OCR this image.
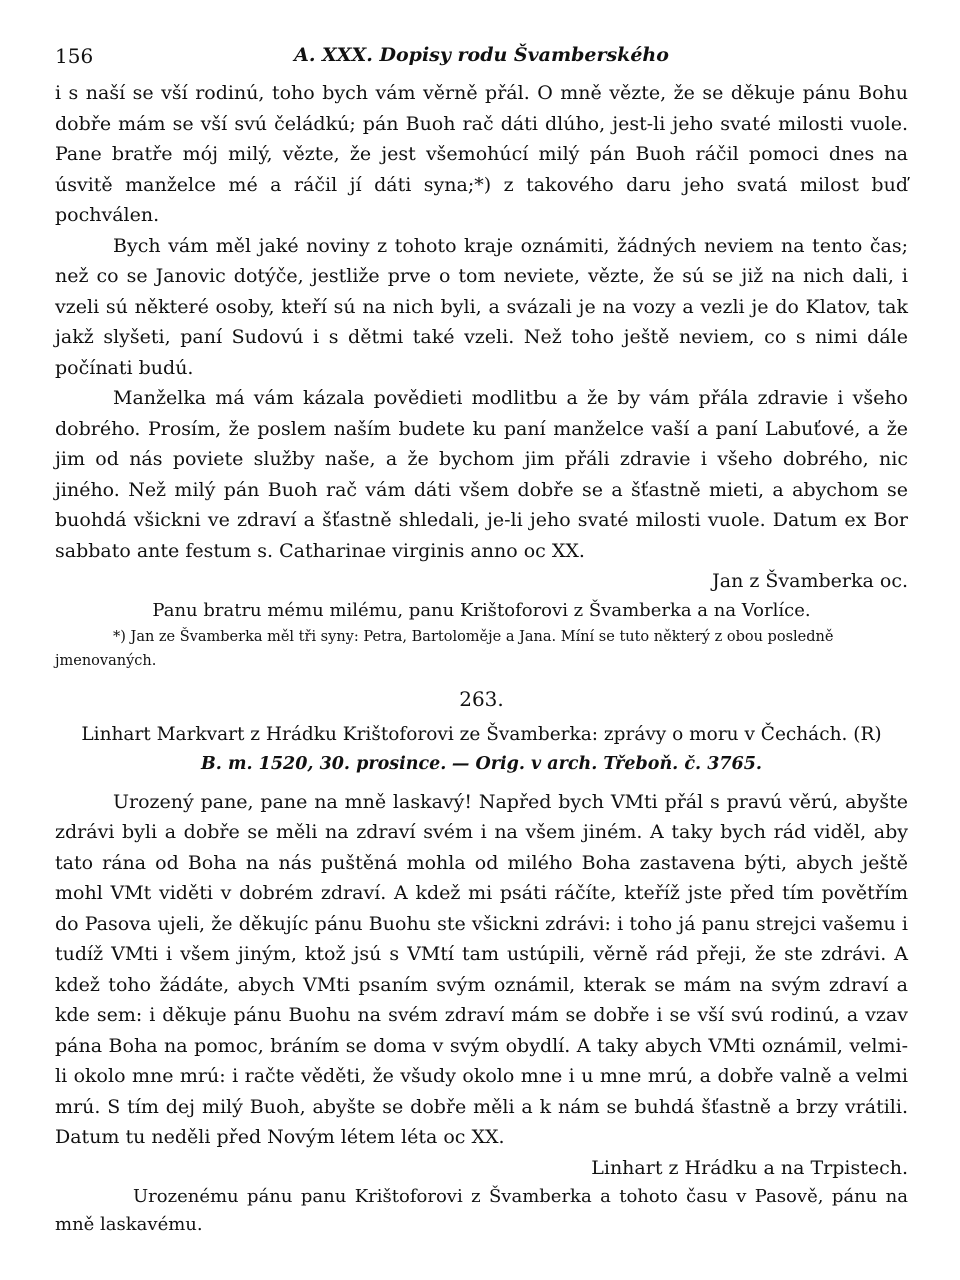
156	A. XXX. Dopisy rodu Švamberského

i s naší se vší rodinú, toho bych vám věrně přál. O mně vězte, že se děkuje pánu Bohu dobře mám se vší svú čeládkú; pán Buoh rač dáti dlúho, jest-li jeho svaté milosti vuole. Pane bratře mój milý, vězte, že jest všemohúcí milý pán Buoh ráčil pomoci dnes na úsvitě manželce mé a ráčil jí dáti syna;*) z takového daru jeho svatá milost buď pochválen.

Bych vám měl jaké noviny z tohoto kraje oznámiti, žádných neviem na tento čas; než co se Janovic dotýče, jestliže prve o tom neviete, vězte, že sú se již na nich dali, i vzeli sú některé osoby, kteří sú na nich byli, a svázali je na vozy a vezli je do Klatov, tak jakž slyšeti, paní Sudovú i s dětmi také vzeli. Než toho ještě neviem, co s nimi dále počínati budú.

Manželka má vám kázala povědieti modlitbu a že by vám přála zdravie i všeho dobrého. Prosím, že poslem naším budete ku paní manželce vaší a paní Labuťové, a že jim od nás poviete služby naše, a že bychom jim přáli zdravie i všeho dobrého, nic jiného. Než milý pán Buoh rač vám dáti všem dobře se a šťastně mieti, a abychom se buohdá všickni ve zdraví a šťastně shledali, je-li jeho svaté milosti vuole. Datum ex Bor sabbato ante festum s. Catharinae virginis anno oc XX.

Jan z Švamberka oc.

Panu bratru mému milému, panu Krištoforovi z Švamberka a na Vorlíce.

*) Jan ze Švamberka měl tři syny: Petra, Bartoloměje a Jana. Míní se tuto některý z obou posledně jmenovaných.

263.
Linhart Markvart z Hrádku Krištoforovi ze Švamberka: zprávy o moru v Čechách. (R)
B. m. 1520, 30. prosince. — Orig. v arch. Třeboň. č. 3765.

Urozený pane, pane na mně laskavý! Napřed bych VMti přál s pravú věrú, abyšte zdrávi byli a dobře se měli na zdraví svém i na všem jiném. A taky bych rád viděl, aby tato rána od Boha na nás puštěná mohla od milého Boha zastavena býti, abych ještě mohl VMt viděti v dobrém zdraví. A kdež mi psáti ráčíte, kteříž jste před tím povětřím do Pasova ujeli, že děkujíc pánu Buohu ste všickni zdrávi: i toho já panu strejci vašemu i tudíž VMti i všem jiným, ktož jsú s VMtí tam ustúpili, věrně rád přeji, že ste zdrávi. A kdež toho žádáte, abych VMti psaním svým oznámil, kterak se mám na svým zdraví a kde sem: i děkuje pánu Buohu na svém zdraví mám se dobře i se vší svú rodinú, a vzav pána Boha na pomoc, bráním se doma v svým obydlí. A taky abych VMti oznámil, velmi-li okolo mne mrú: i račte věděti, že všudy okolo mne i u mne mrú, a dobře valně a velmi mrú. S tím dej milý Buoh, abyšte se dobře měli a k nám se buhdá šťastně a brzy vrátili. Datum tu neděli před Novým létem léta oc XX.

Linhart z Hrádku a na Trpistech.

Urozenému pánu panu Krištoforovi z Švamberka a tohoto času v Pasově, pánu na mně laskavému.
